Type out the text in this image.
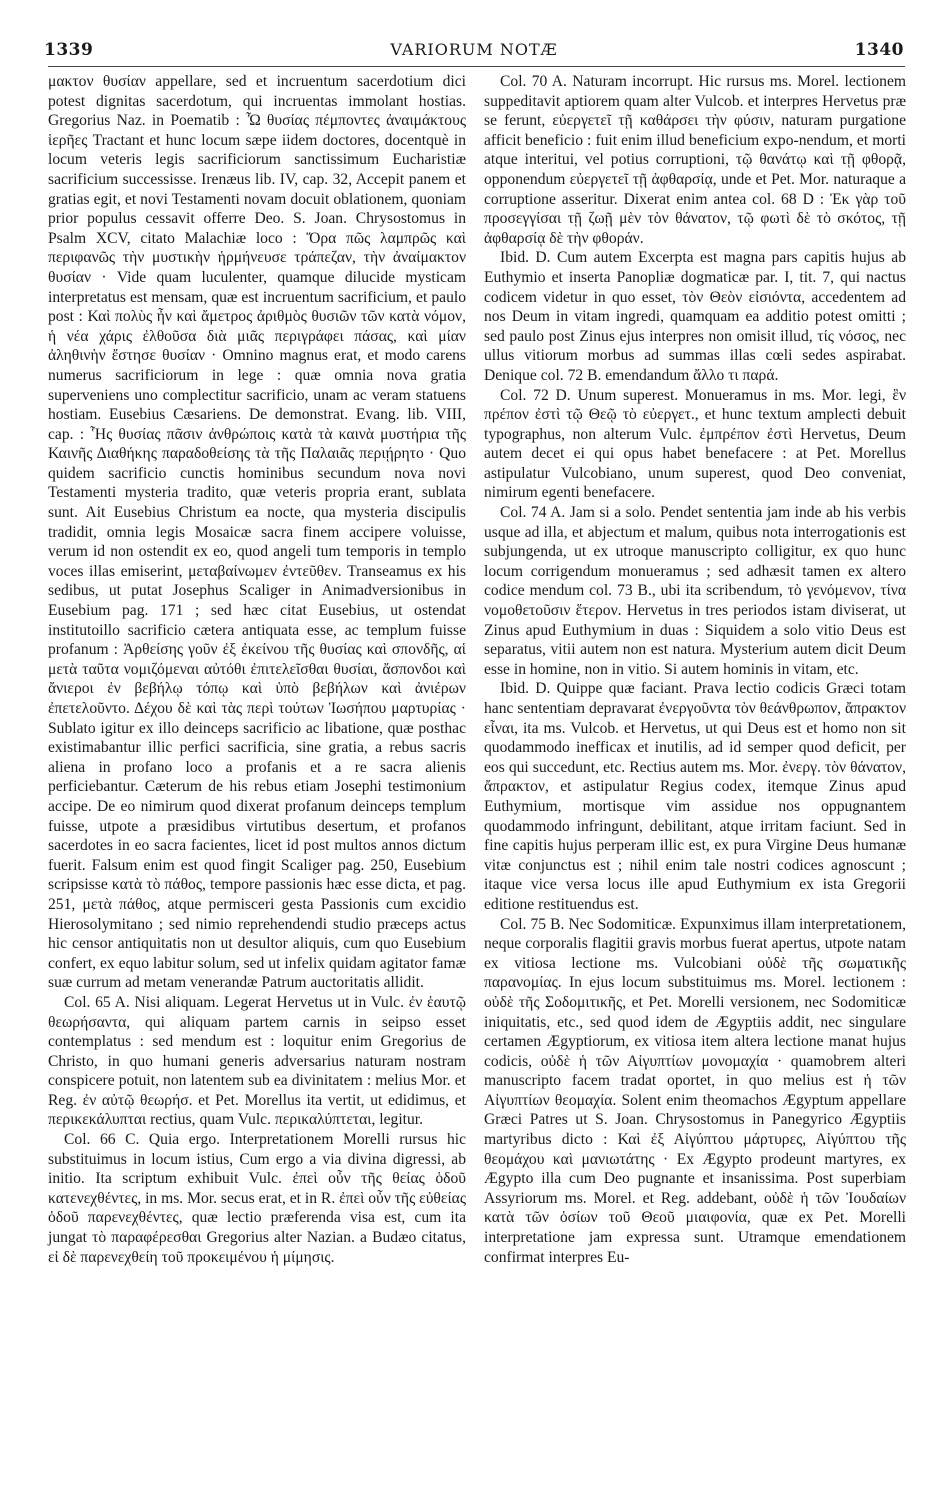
1339	VARIORUM NOTÆ	1340

μακτον θυσίαν appellare, sed et incruentum sacerdotium dici potest dignitas sacerdotum, qui incruentas immolant hostias. Gregorius Naz. in Poematib : Ὦ θυσίας πέμποντες ἀναιμάκτους ἱερῆες Tractant et hunc locum sæpe iidem doctores, docentquè in locum veteris legis sacrificiorum sanctissimum Eucharistiæ sacrificium successisse. Irenæus lib. IV, cap. 32, Accepit panem et gratias egit, et novi Testamenti novam docuit oblationem, quoniam prior populus cessavit offerre Deo. S. Joan. Chrysostomus in Psalm XCV, citato Malachiæ loco : Ὅρα πῶς λαμπρῶς καὶ περιφανῶς τὴν μυστικὴν ἡρμήνευσε τράπεζαν, τὴν ἀναίμακτον θυσίαν · Vide quam luculenter, quamque dilucide mysticam interpretatus est mensam, quæ est incruentum sacrificium, et paulo post : Καὶ πολὺς ἦν καὶ ἄμετρος ἀριθμὸς θυσιῶν τῶν κατὰ νόμον, ἡ νέα χάρις ἐλθοῦσα διὰ μιᾶς περιγράφει πάσας, καὶ μίαν ἀληθινὴν ἔστησε θυσίαν · Omnino magnus erat, et modo carens numerus sacrificiorum in lege : quæ omnia nova gratia superveniens uno complectitur sacrificio, unam ac veram statuens hostiam. Eusebius Cæsariens. De demonstrat. Evang. lib. VIII, cap. : Ἧς θυσίας πᾶσιν ἀνθρώποις κατὰ τὰ καινὰ μυστήρια τῆς Καινῆς Διαθήκης παραδοθείσης τὰ τῆς Παλαιᾶς περιῄρητο · Quo quidem sacrificio cunctis hominibus secundum nova novi Testamenti mysteria tradito, quæ veteris propria erant, sublata sunt. Ait Eusebius Christum ea nocte, qua mysteria discipulis tradidit, omnia legis Mosaicæ sacra finem accipere voluisse, verum id non ostendit ex eo, quod angeli tum temporis in templo voces illas emiserint, μεταβαίνωμεν ἐντεῦθεν. Transeamus ex his sedibus, ut putat Josephus Scaliger in Animadversionibus in Eusebium pag. 171 ; sed hæc citat Eusebius, ut ostendat institutoillo sacrificio cætera antiquata esse, ac templum fuisse profanum : Ἀρθείσης γοῦν ἐξ ἐκείνου τῆς θυσίας καὶ σπονδῆς, αἱ μετὰ ταῦτα νομιζόμεναι αὐτόθι ἐπιτελεῖσθαι θυσίαι, ἄσπονδοι καὶ ἄνιεροι ἐν βεβήλῳ τόπῳ καὶ ὑπὸ βεβήλων καὶ ἀνιέρων ἐπετελοῦντο. Δέχου δὲ καὶ τὰς περὶ τούτων Ἰωσήπου μαρτυρίας · Sublato igitur ex illo deinceps sacrificio ac libatione, quæ posthac existimabantur illic perfici sacrificia, sine gratia, a rebus sacris aliena in profano loco a profanis et a re sacra alienis perficiebantur. Cæterum de his rebus etiam Josephi testimonium accipe. De eo nimirum quod dixerat profanum deinceps templum fuisse, utpote a præsidibus virtutibus desertum, et profanos sacerdotes in eo sacra facientes, licet id post multos annos dictum fuerit. Falsum enim est quod fingit Scaliger pag. 250, Eusebium scripsisse κατὰ τὸ πάθος, tempore passionis hæc esse dicta, et pag. 251, μετὰ πάθος, atque permisceri gesta Passionis cum excidio Hierosolymitano ; sed nimio reprehendendi studio præceps actus hic censor antiquitatis non ut desultor aliquis, cum quo Eusebium confert, ex equo labitur solum, sed ut infelix quidam agitator famæ suæ currum ad metam venerandæ Patrum auctoritatis allidit.

Col. 65 A. Nisi aliquam. Legerat Hervetus ut in Vulc. ἐν ἑαυτῷ θεωρήσαντα, qui aliquam partem carnis in seipso esset contemplatus : sed mendum est : loquitur enim Gregorius de Christo, in quo humani generis adversarius naturam nostram conspicere potuit, non latentem sub ea divinitatem : melius Mor. et Reg. ἐν αὐτῷ θεωρήσ. et Pet. Morellus ita vertit, ut edidimus, et περικεκάλυπται rectius, quam Vulc. περικαλύπτεται, legitur.

Col. 66 C. Quia ergo. Interpretationem Morelli rursus hic substituimus in locum istius, Cum ergo a via divina digressi, ab initio. Ita scriptum exhibuit Vulc. ἐπεὶ οὖν τῆς θείας ὁδοῦ κατενεχθέντες, in ms. Mor. secus erat, et in R. ἐπεὶ οὖν τῆς εὐθείας ὁδοῦ παρενεχθέντες, quæ lectio præferenda visa est, cum ita jungat τὸ παραφέρεσθαι Gregorius alter Nazian. a Budæo citatus, εἰ δὲ παρενεχθείη τοῦ προκειμένου ἡ μίμησις.

Col. 70 A. Naturam incorrupt. Hic rursus ms. Morel. lectionem suppeditavit aptiorem quam alter Vulcob. et interpres Hervetus præ se ferunt, εὐεργετεῖ τῇ καθάρσει τὴν φύσιν, naturam purgatione afficit beneficio : fuit enim illud beneficium expo-nendum, et morti atque interitui, vel potius corruptioni, τῷ θανάτῳ καὶ τῇ φθορᾷ, opponendum εὐεργετεῖ τῇ ἀφθαρσίᾳ, unde et Pet. Mor. naturaque a corruptione asseritur. Dixerat enim antea col. 68 D : Ἐκ γὰρ τοῦ προσεγγίσαι τῇ ζωῇ μὲν τὸν θάνατον, τῷ φωτὶ δὲ τὸ σκότος, τῇ ἀφθαρσίᾳ δὲ τὴν φθοράν.

Ibid. D. Cum autem Excerpta est magna pars capitis hujus ab Euthymio et inserta Panopliæ dogmaticæ par. I, tit. 7, qui nactus codicem videtur in quo esset, τὸν Θεὸν εἰσιόντα, accedentem ad nos Deum in vitam ingredi, quamquam ea additio potest omitti ; sed paulo post Zinus ejus interpres non omisit illud, τίς νόσος, nec ullus vitiorum morbus ad summas illas cœli sedes aspirabat. Denique col. 72 B. emendandum ἄλλο τι παρά.

Col. 72 D. Unum superest. Monueramus in ms. Mor. legi, ἓν πρέπον ἐστὶ τῷ Θεῷ τὸ εὐεργετ., et hunc textum amplecti debuit typographus, non alterum Vulc. ἐμπρέπον ἐστὶ Hervetus, Deum autem decet ei qui opus habet benefacere : at Pet. Morellus astipulatur Vulcobiano, unum superest, quod Deo conveniat, nimirum egenti benefacere.

Col. 74 A. Jam si a solo. Pendet sententia jam inde ab his verbis usque ad illa, et abjectum et malum, quibus nota interrogationis est subjungenda, ut ex utroque manuscripto colligitur, ex quo hunc locum corrigendum monueramus ; sed adhæsit tamen ex altero codice mendum col. 73 B., ubi ita scribendum, τὸ γενόμενον, τίνα νομοθετοῦσιν ἕτερον. Hervetus in tres periodos istam diviserat, ut Zinus apud Euthymium in duas : Siquidem a solo vitio Deus est separatus, vitii autem non est natura. Mysterium autem dicit Deum esse in homine, non in vitio. Si autem hominis in vitam, etc.

Ibid. D. Quippe quæ faciant. Prava lectio codicis Græci totam hanc sententiam depravarat ἐνεργοῦντα τὸν θεάνθρωπον, ἄπρακτον εἶναι, ita ms. Vulcob. et Hervetus, ut qui Deus est et homo non sit quodammodo inefficax et inutilis, ad id semper quod deficit, per eos qui succedunt, etc. Rectius autem ms. Mor. ἐνεργ. τὸν θάνατον, ἄπρακτον, et astipulatur Regius codex, itemque Zinus apud Euthymium, mortisque vim assidue nos oppugnantem quodammodo infringunt, debilitant, atque irritam faciunt. Sed in fine capitis hujus perperam illic est, ex pura Virgine Deus humanæ vitæ conjunctus est ; nihil enim tale nostri codices agnoscunt ; itaque vice versa locus ille apud Euthymium ex ista Gregorii editione restituendus est.

Col. 75 B. Nec Sodomiticæ. Expunximus illam interpretationem, neque corporalis flagitii gravis morbus fuerat apertus, utpote natam ex vitiosa lectione ms. Vulcobiani οὐδὲ τῆς σωματικῆς παρανομίας. In ejus locum substituimus ms. Morel. lectionem : οὐδὲ τῆς Σοδομιτικῆς, et Pet. Morelli versionem, nec Sodomiticæ iniquitatis, etc., sed quod idem de Ægyptiis addit, nec singulare certamen Ægyptiorum, ex vitiosa item altera lectione manat hujus codicis, οὐδὲ ἡ τῶν Αἰγυπτίων μονομαχία · quamobrem alteri manuscripto facem tradat oportet, in quo melius est ἡ τῶν Αἰγυπτίων θεομαχία. Solent enim theomachos Ægyptum appellare Græci Patres ut S. Joan. Chrysostomus in Panegyrico Ægyptiis martyribus dicto : Καὶ ἐξ Αἰγύπτου μάρτυρες, Αἰγύπτου τῆς θεομάχου καὶ μανιωτάτης · Ex Ægypto prodeunt martyres, ex Ægypto illa cum Deo pugnante et insanissima. Post superbiam Assyriorum ms. Morel. et Reg. addebant, οὐδὲ ἡ τῶν Ἰουδαίων κατὰ τῶν ὁσίων τοῦ Θεοῦ μιαιφονία, quæ ex Pet. Morelli interpretatione jam expressa sunt. Utramque emendationem confirmat interpres Eu-
